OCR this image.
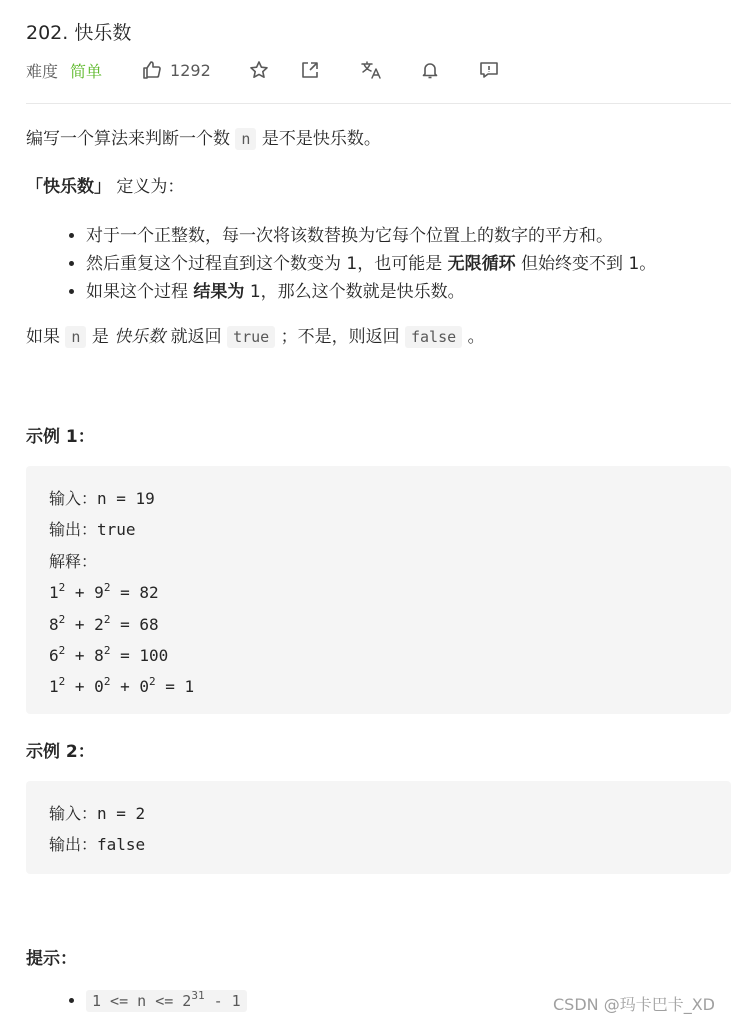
202. 快乐数
难度 简单	1292
编写一个算法来判断一个数 n 是不是快乐数。
「快乐数」 定义为：
• 对于一个正整数，每一次将该数替换为它每个位置上的数字的平方和。
• 然后重复这个过程直到这个数变为 1，也可能是 无限循环 但始终变不到 1。
• 如果这个过程 结果为 1，那么这个数就是快乐数。
如果 n 是 快乐数 就返回 true ；不是，则返回 false 。
示例 1：
输入：n = 19
输出：true
解释：
$1^2 + 9^2 = 82$
$8^2 + 2^2 = 68$
$6^2 + 8^2 = 100$
$1^2 + 0^2 + 0^2 = 1$
示例 2：
输入：n = 2
输出：false
提示：
• $1 <= n <= 2^{31} - 1$	CSDN @玛卡巴卡_XD
